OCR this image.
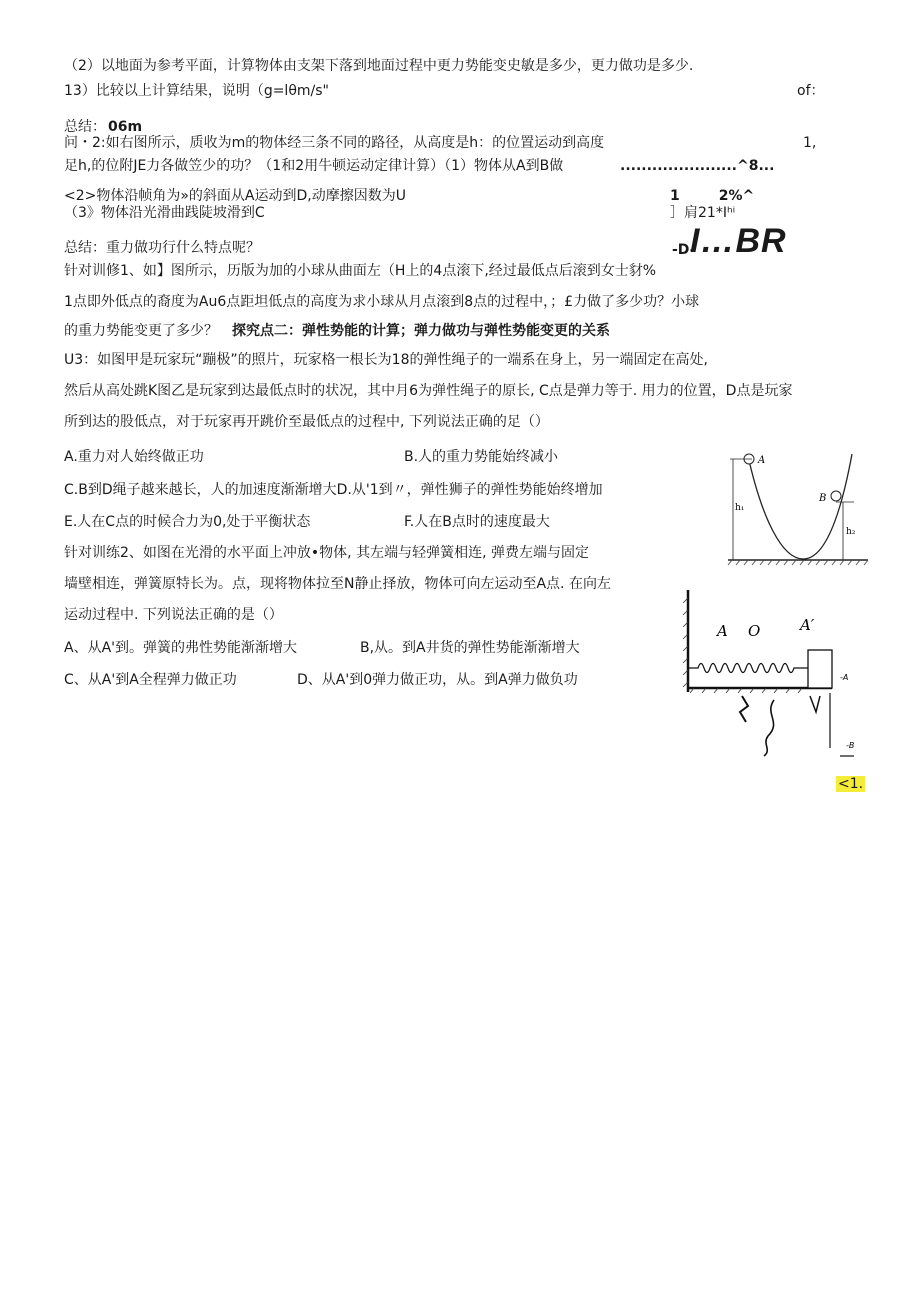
（2）以地面为参考平面，计算物体由支架下落到地面过程中更力势能变史敏是多少，更力做功是多少.
13）比较以上计算结果，说明（g=lθm∕s"	of：
总结： 06m
问・2:如右图所示，质收为m的物体经三条不同的路径，从高度是h：的位置运动到高度	1,
足h,的位附JE力各做笠少的功？（1和2用牛顿运动定律计算）（1）物体从A到B做	......................^8...
<2>物体沿帧角为»的斜面从A运动到D,动摩擦因数为U	1        2%^
（3》物体沿光滑曲践陡坡滑到C	］肩21*Iʰⁱ
总结：重力做功行什么特点呢？	-D-
I…BR
针对训修1、如】图所示，历版为加的小球从曲面左（H上的4点滚下,经过最低点后滚到女士豺%
1点即外低点的裔度为Au6点距坦低点的高度为求小球从月点滚到8点的过程中，；£力做了多少功？小球
的重力势能变更了多少？ 探究点二：弹性势能的计算；弹力做功与弹性势能变更的关系
U3：如图甲是玩家玩“蹦极”的照片，玩家格一根长为18的弹性绳子的一端系在身上，另一端固定在高处,
然后从高处跳K图乙是玩家到达最低点时的状况，其中月6为弹性绳子的原长, C点是弹力等于. 用力的位置，D点是玩家
所到达的股低点，对于玩家再开跳价至最低点的过程中, 下列说法正确的足（）
A.重力对人始终做正功	B.人的重力势能始终减小
C.B到D绳子越来越长，人的加速度渐渐增大D.从'1到〃，弹性狮子的弹性势能始终增加
E.人在C点的时候合力为0,处于平衡状态	F.人在B点时的速度最大
针对训练2、如图在光滑的水平面上冲放•物体, 其左端与轻弹簧相连, 弹费左端与固定
墙壁相连，弹簧原特长为。点，现将物体拉至N静止择放，物体可向左运动至A点. 在向左
运动过程中. 下列说法正确的是（）
A、从A'到。弹簧的弗性势能渐渐增大	B,从。到A井货的弹性势能渐渐增大
C、从A'到A全程弹力做正功	D、从A'到0弹力做正功，从。到A弹力做负功
<1.
A
B
h₁
h₂
A O	A′
-A
-B
